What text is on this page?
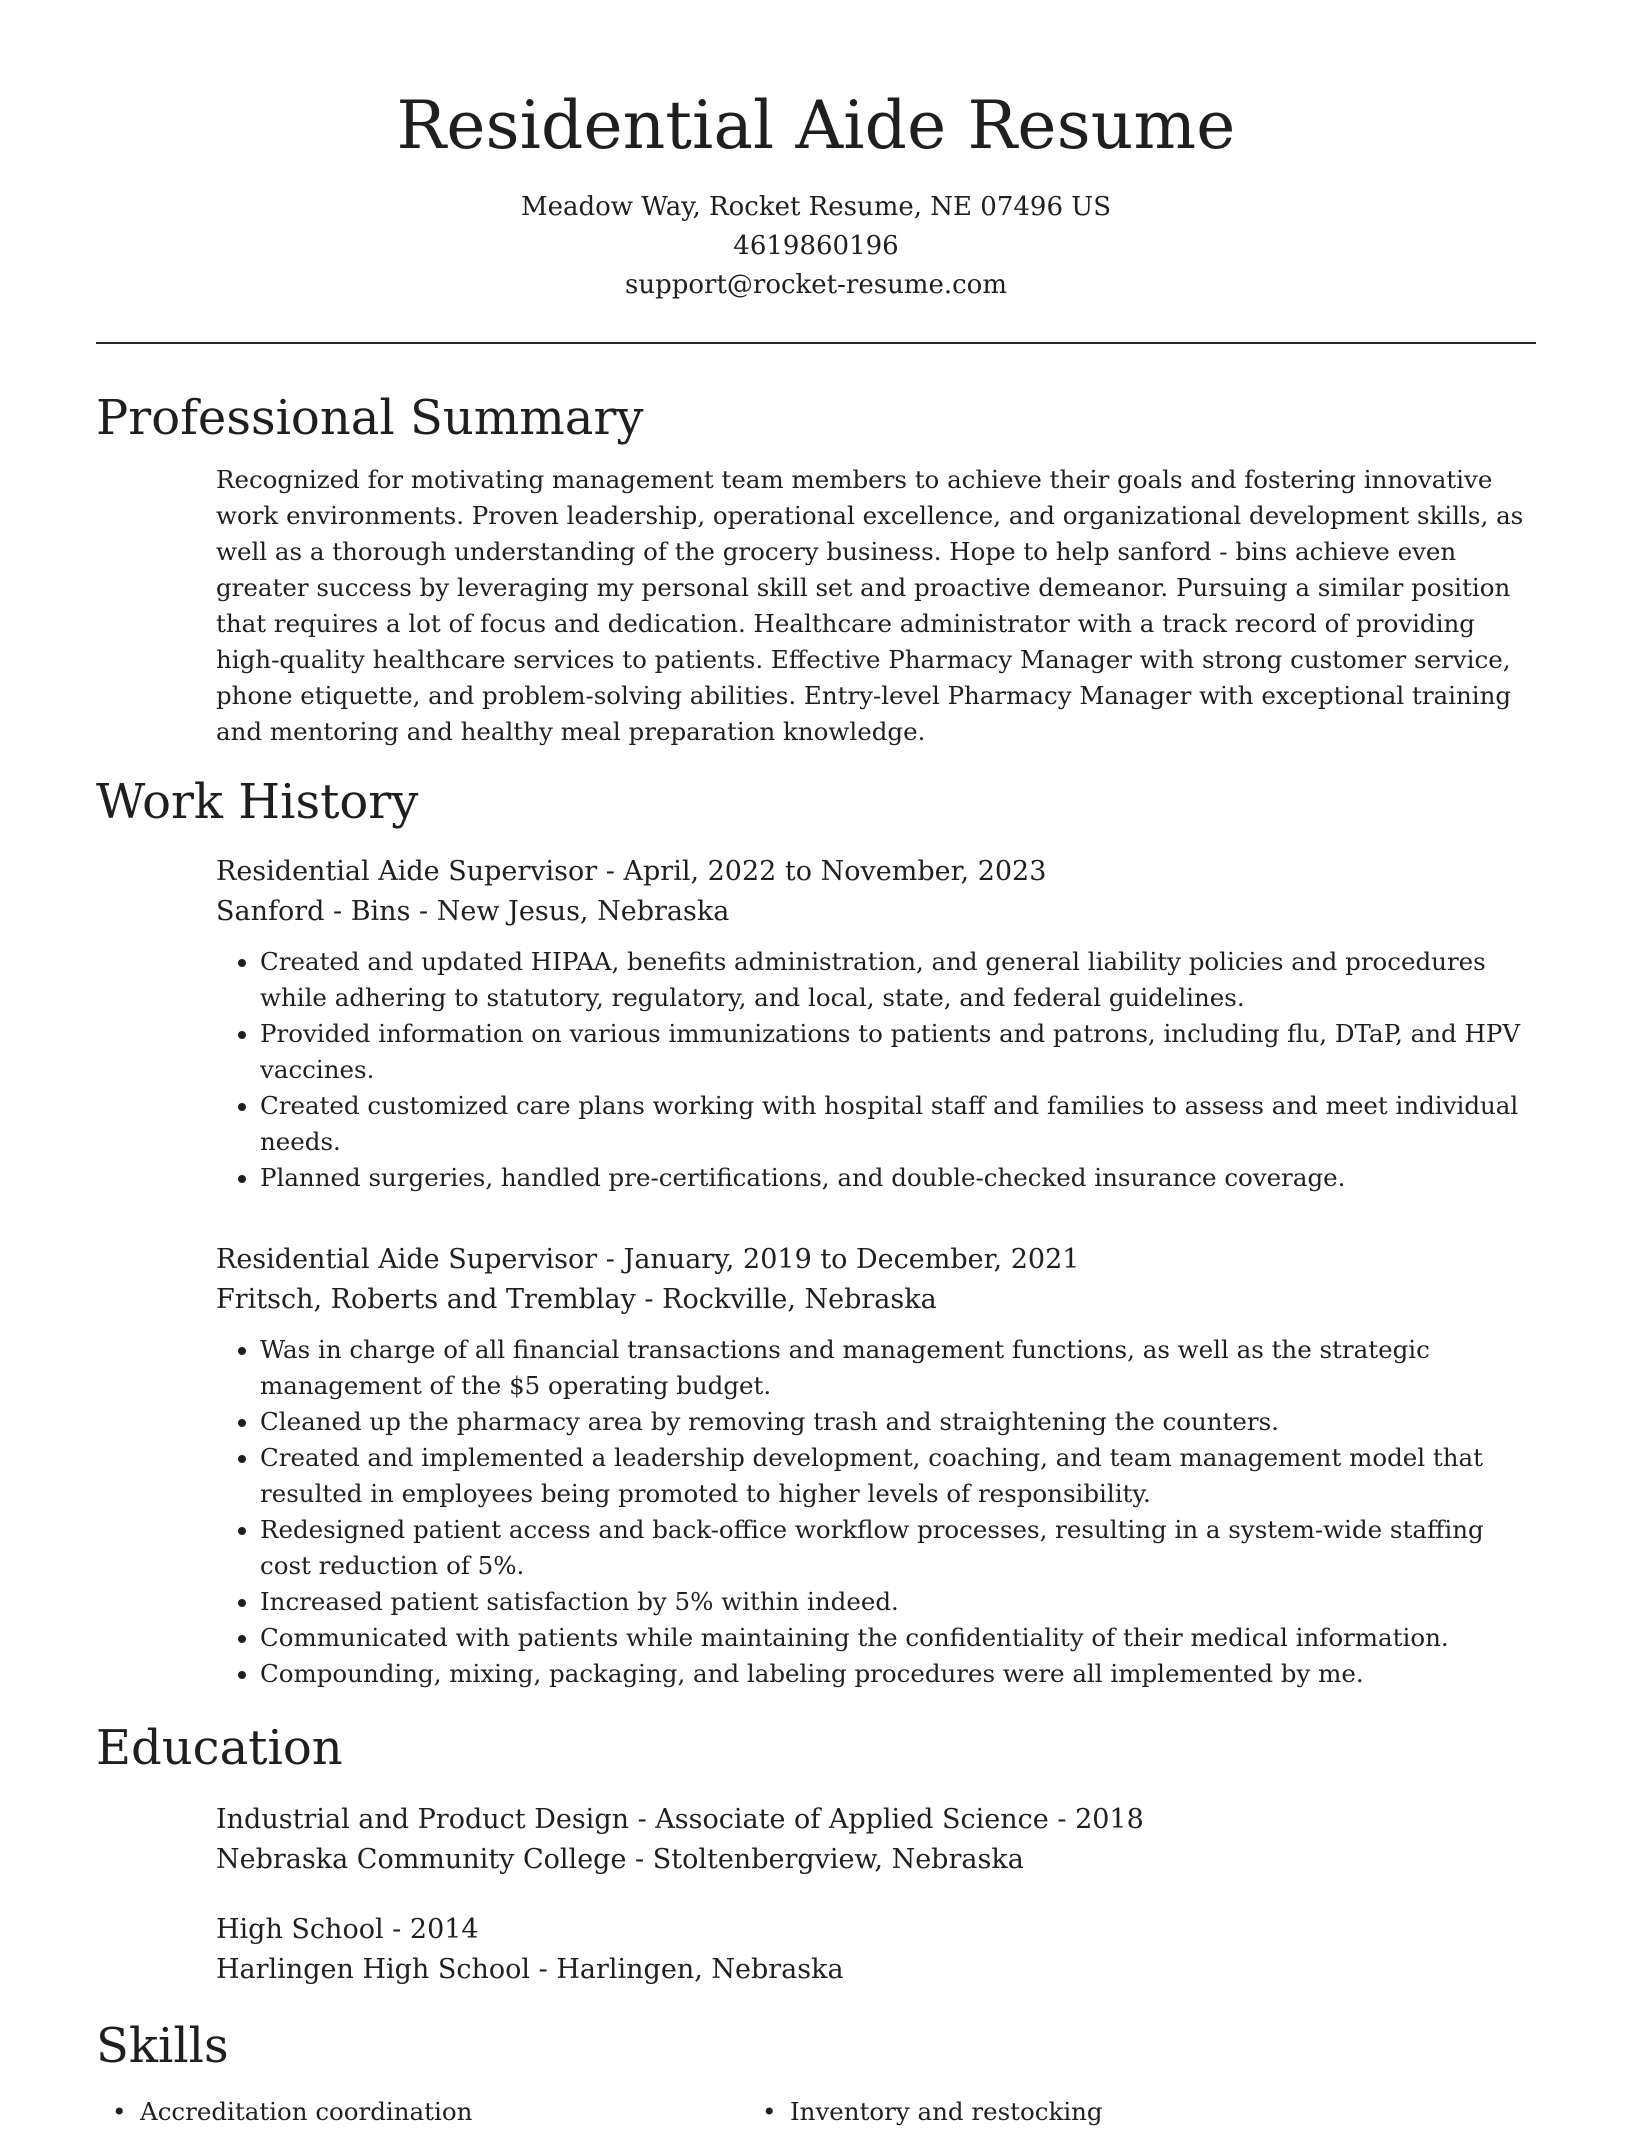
Residential Aide Resume
Meadow Way, Rocket Resume, NE 07496 US
4619860196
support@rocket-resume.com
Professional Summary
Recognized for motivating management team members to achieve their goals and fostering innovative work environments. Proven leadership, operational excellence, and organizational development skills, as well as a thorough understanding of the grocery business. Hope to help sanford - bins achieve even greater success by leveraging my personal skill set and proactive demeanor. Pursuing a similar position that requires a lot of focus and dedication. Healthcare administrator with a track record of providing high-quality healthcare services to patients. Effective Pharmacy Manager with strong customer service, phone etiquette, and problem-solving abilities. Entry-level Pharmacy Manager with exceptional training and mentoring and healthy meal preparation knowledge.
Work History
Residential Aide Supervisor - April, 2022 to November, 2023
Sanford - Bins - New Jesus, Nebraska
• Created and updated HIPAA, benefits administration, and general liability policies and procedures while adhering to statutory, regulatory, and local, state, and federal guidelines.
• Provided information on various immunizations to patients and patrons, including flu, DTaP, and HPV vaccines.
• Created customized care plans working with hospital staff and families to assess and meet individual needs.
• Planned surgeries, handled pre-certifications, and double-checked insurance coverage.
Residential Aide Supervisor - January, 2019 to December, 2021
Fritsch, Roberts and Tremblay - Rockville, Nebraska
• Was in charge of all financial transactions and management functions, as well as the strategic management of the $5 operating budget.
• Cleaned up the pharmacy area by removing trash and straightening the counters.
• Created and implemented a leadership development, coaching, and team management model that resulted in employees being promoted to higher levels of responsibility.
• Redesigned patient access and back-office workflow processes, resulting in a system-wide staffing cost reduction of 5%.
• Increased patient satisfaction by 5% within indeed.
• Communicated with patients while maintaining the confidentiality of their medical information.
• Compounding, mixing, packaging, and labeling procedures were all implemented by me.
Education
Industrial and Product Design - Associate of Applied Science - 2018
Nebraska Community College - Stoltenbergview, Nebraska
High School - 2014
Harlingen High School - Harlingen, Nebraska
Skills
• Accreditation coordination
•	Inventory and restocking
